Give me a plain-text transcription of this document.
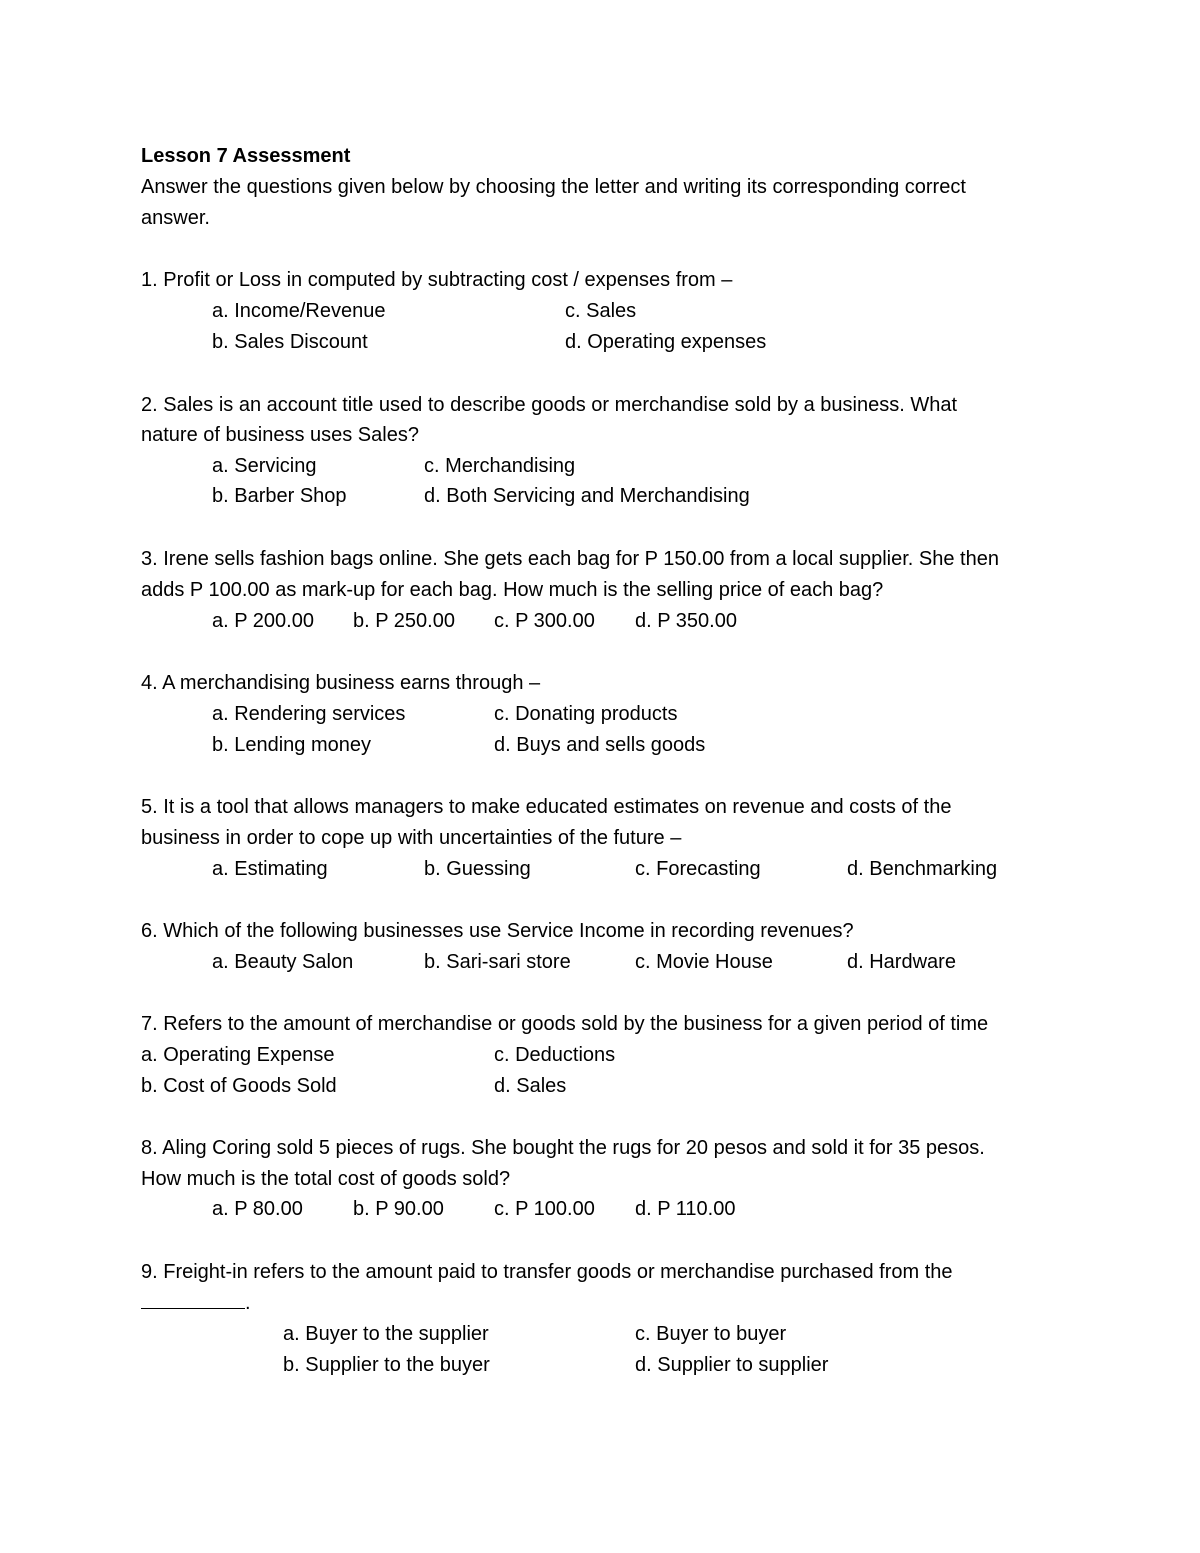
Lesson 7 Assessment
Answer the questions given below by choosing the letter and writing its corresponding correct
answer.
1. Profit or Loss in computed by subtracting cost / expenses from –
a. Income/Revenue	c. Sales
b. Sales Discount	d. Operating expenses
2. Sales is an account title used to describe goods or merchandise sold by a business. What
nature of business uses Sales?
a. Servicing	c. Merchandising
b. Barber Shop	d. Both Servicing and Merchandising
3. Irene sells fashion bags online. She gets each bag for P 150.00 from a local supplier. She then
adds P 100.00 as mark-up for each bag. How much is the selling price of each bag?
a. P 200.00 b. P 250.00 c. P 300.00 d. P 350.00
4. A merchandising business earns through –
a. Rendering services	c. Donating products
b. Lending money	d. Buys and sells goods
5. It is a tool that allows managers to make educated estimates on revenue and costs of the
business in order to cope up with uncertainties of the future –
a. Estimating	b. Guessing	c. Forecasting	d. Benchmarking
6. Which of the following businesses use Service Income in recording revenues?
a. Beauty Salon	b. Sari-sari store	c. Movie House	d. Hardware
7. Refers to the amount of merchandise or goods sold by the business for a given period of time
a. Operating Expense	c. Deductions
b. Cost of Goods Sold	d. Sales
8. Aling Coring sold 5 pieces of rugs. She bought the rugs for 20 pesos and sold it for 35 pesos.
How much is the total cost of goods sold?
a. P 80.00	b. P 90.00	c. P 100.00 d. P 110.00
9. Freight-in refers to the amount paid to transfer goods or merchandise purchased from the
.
a. Buyer to the supplier	c. Buyer to buyer
b. Supplier to the buyer	d. Supplier to supplier
